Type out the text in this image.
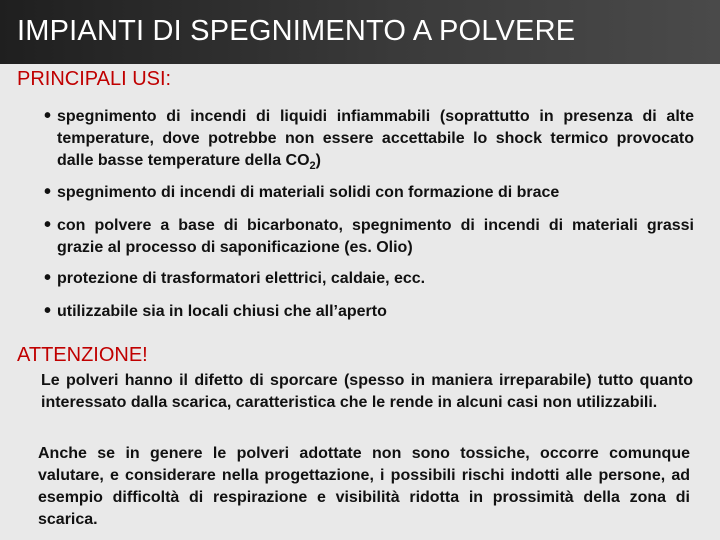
IMPIANTI DI SPEGNIMENTO A POLVERE
PRINCIPALI USI:
• spegnimento di incendi di liquidi infiammabili (soprattutto in presenza di alte temperature, dove potrebbe non essere accettabile lo shock termico provocato dalle basse temperature della $CO_2$)
• spegnimento di incendi di materiali solidi con formazione di brace
• con polvere a base di bicarbonato, spegnimento di incendi di materiali grassi grazie al processo di saponificazione (es. Olio)
• protezione di trasformatori elettrici, caldaie, ecc.
• utilizzabile sia in locali chiusi che all’aperto
ATTENZIONE!
Le polveri hanno il difetto di sporcare (spesso in maniera irreparabile) tutto quanto interessato dalla scarica, caratteristica che le rende in alcuni casi non utilizzabili.
Anche se in genere le polveri adottate non sono tossiche, occorre comunque valutare, e considerare nella progettazione, i possibili rischi indotti alle persone, ad esempio difficoltà di respirazione e visibilità ridotta in prossimità della zona di scarica.
